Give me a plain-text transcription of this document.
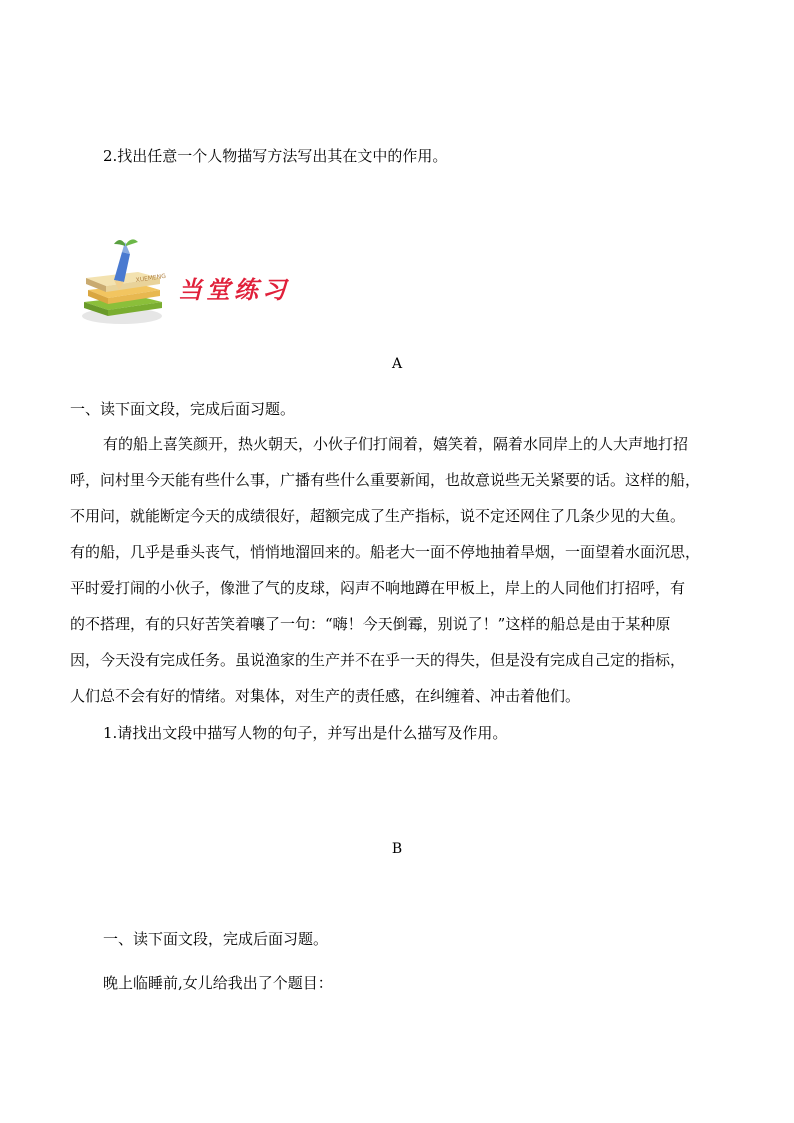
2.找出任意一个人物描写方法写出其在文中的作用。
XUEMENG 当堂练习
A
一、读下面文段，完成后面习题。
有的船上喜笑颜开，热火朝天，小伙子们打闹着，嬉笑着，隔着水同岸上的人大声地打招
呼，问村里今天能有些什么事，广播有些什么重要新闻，也故意说些无关紧要的话。这样的船，
不用问，就能断定今天的成绩很好，超额完成了生产指标，说不定还网住了几条少见的大鱼。
有的船，几乎是垂头丧气，悄悄地溜回来的。船老大一面不停地抽着旱烟，一面望着水面沉思，
平时爱打闹的小伙子，像泄了气的皮球，闷声不响地蹲在甲板上，岸上的人同他们打招呼，有
的不搭理，有的只好苦笑着嚷了一句：“嗨！今天倒霉，别说了！”这样的船总是由于某种原
因，今天没有完成任务。虽说渔家的生产并不在乎一天的得失，但是没有完成自己定的指标，
人们总不会有好的情绪。对集体，对生产的责任感，在纠缠着、冲击着他们。
1.请找出文段中描写人物的句子，并写出是什么描写及作用。
B
一、读下面文段，完成后面习题。
晚上临睡前,女儿给我出了个题目：
